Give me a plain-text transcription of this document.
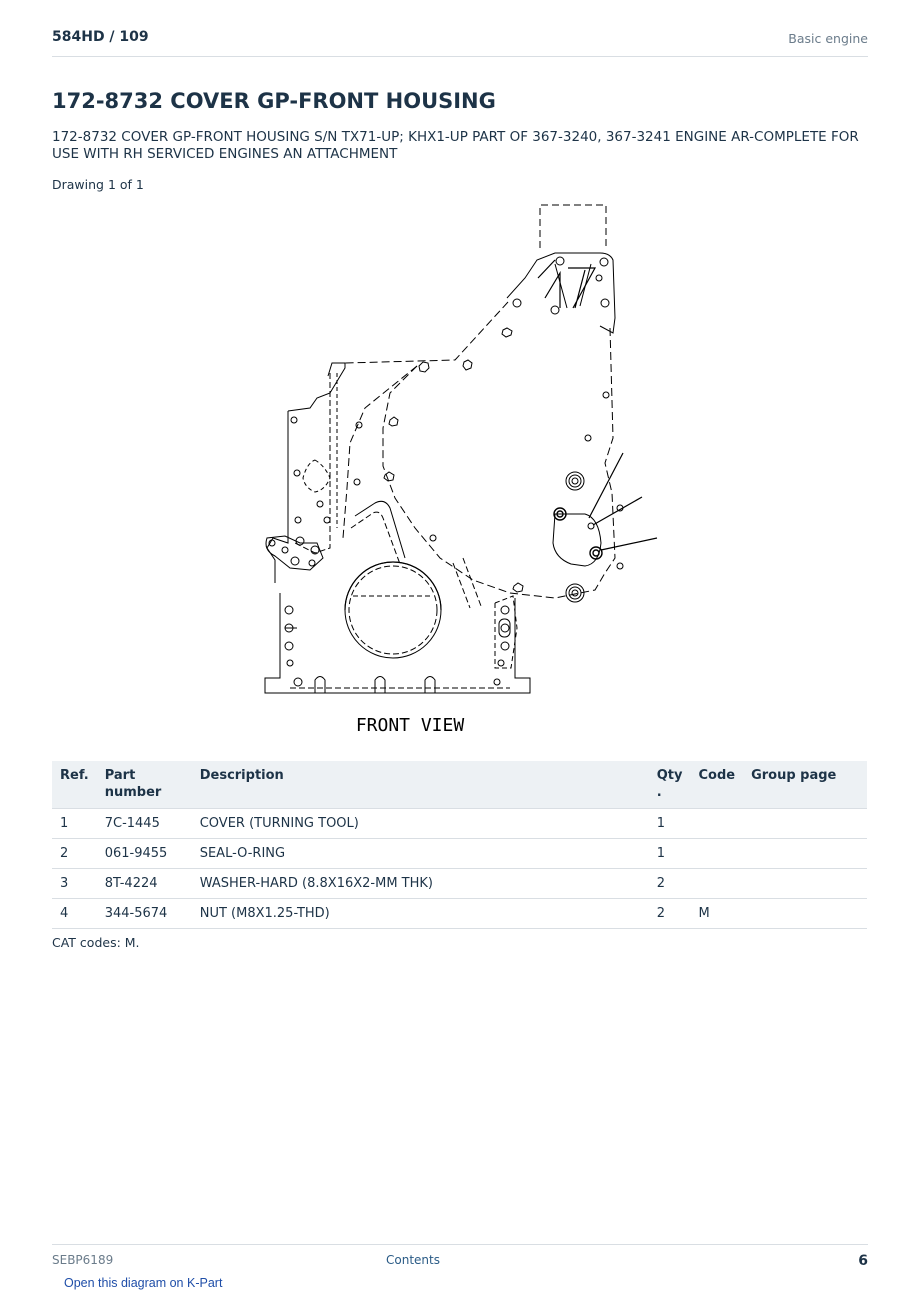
584HD / 109	Basic engine
172-8732 COVER GP-FRONT HOUSING
172-8732 COVER GP-FRONT HOUSING S/N TX71-UP; KHX1-UP PART OF 367-3240, 367-3241 ENGINE AR-COMPLETE FOR USE WITH RH SERVICED ENGINES AN ATTACHMENT
Drawing 1 of 1
FRONT VIEW
Ref.	Part number	Description	Qty .	Code	Group page
1	7C-1445	COVER (TURNING TOOL)	1		
2	061-9455	SEAL-O-RING	1		
3	8T-4224	WASHER-HARD (8.8X16X2-MM THK)	2		
4	344-5674	NUT (M8X1.25-THD)	2	M	
CAT codes: M.
SEBP6189	Contents	6
Open this diagram on K-Part
